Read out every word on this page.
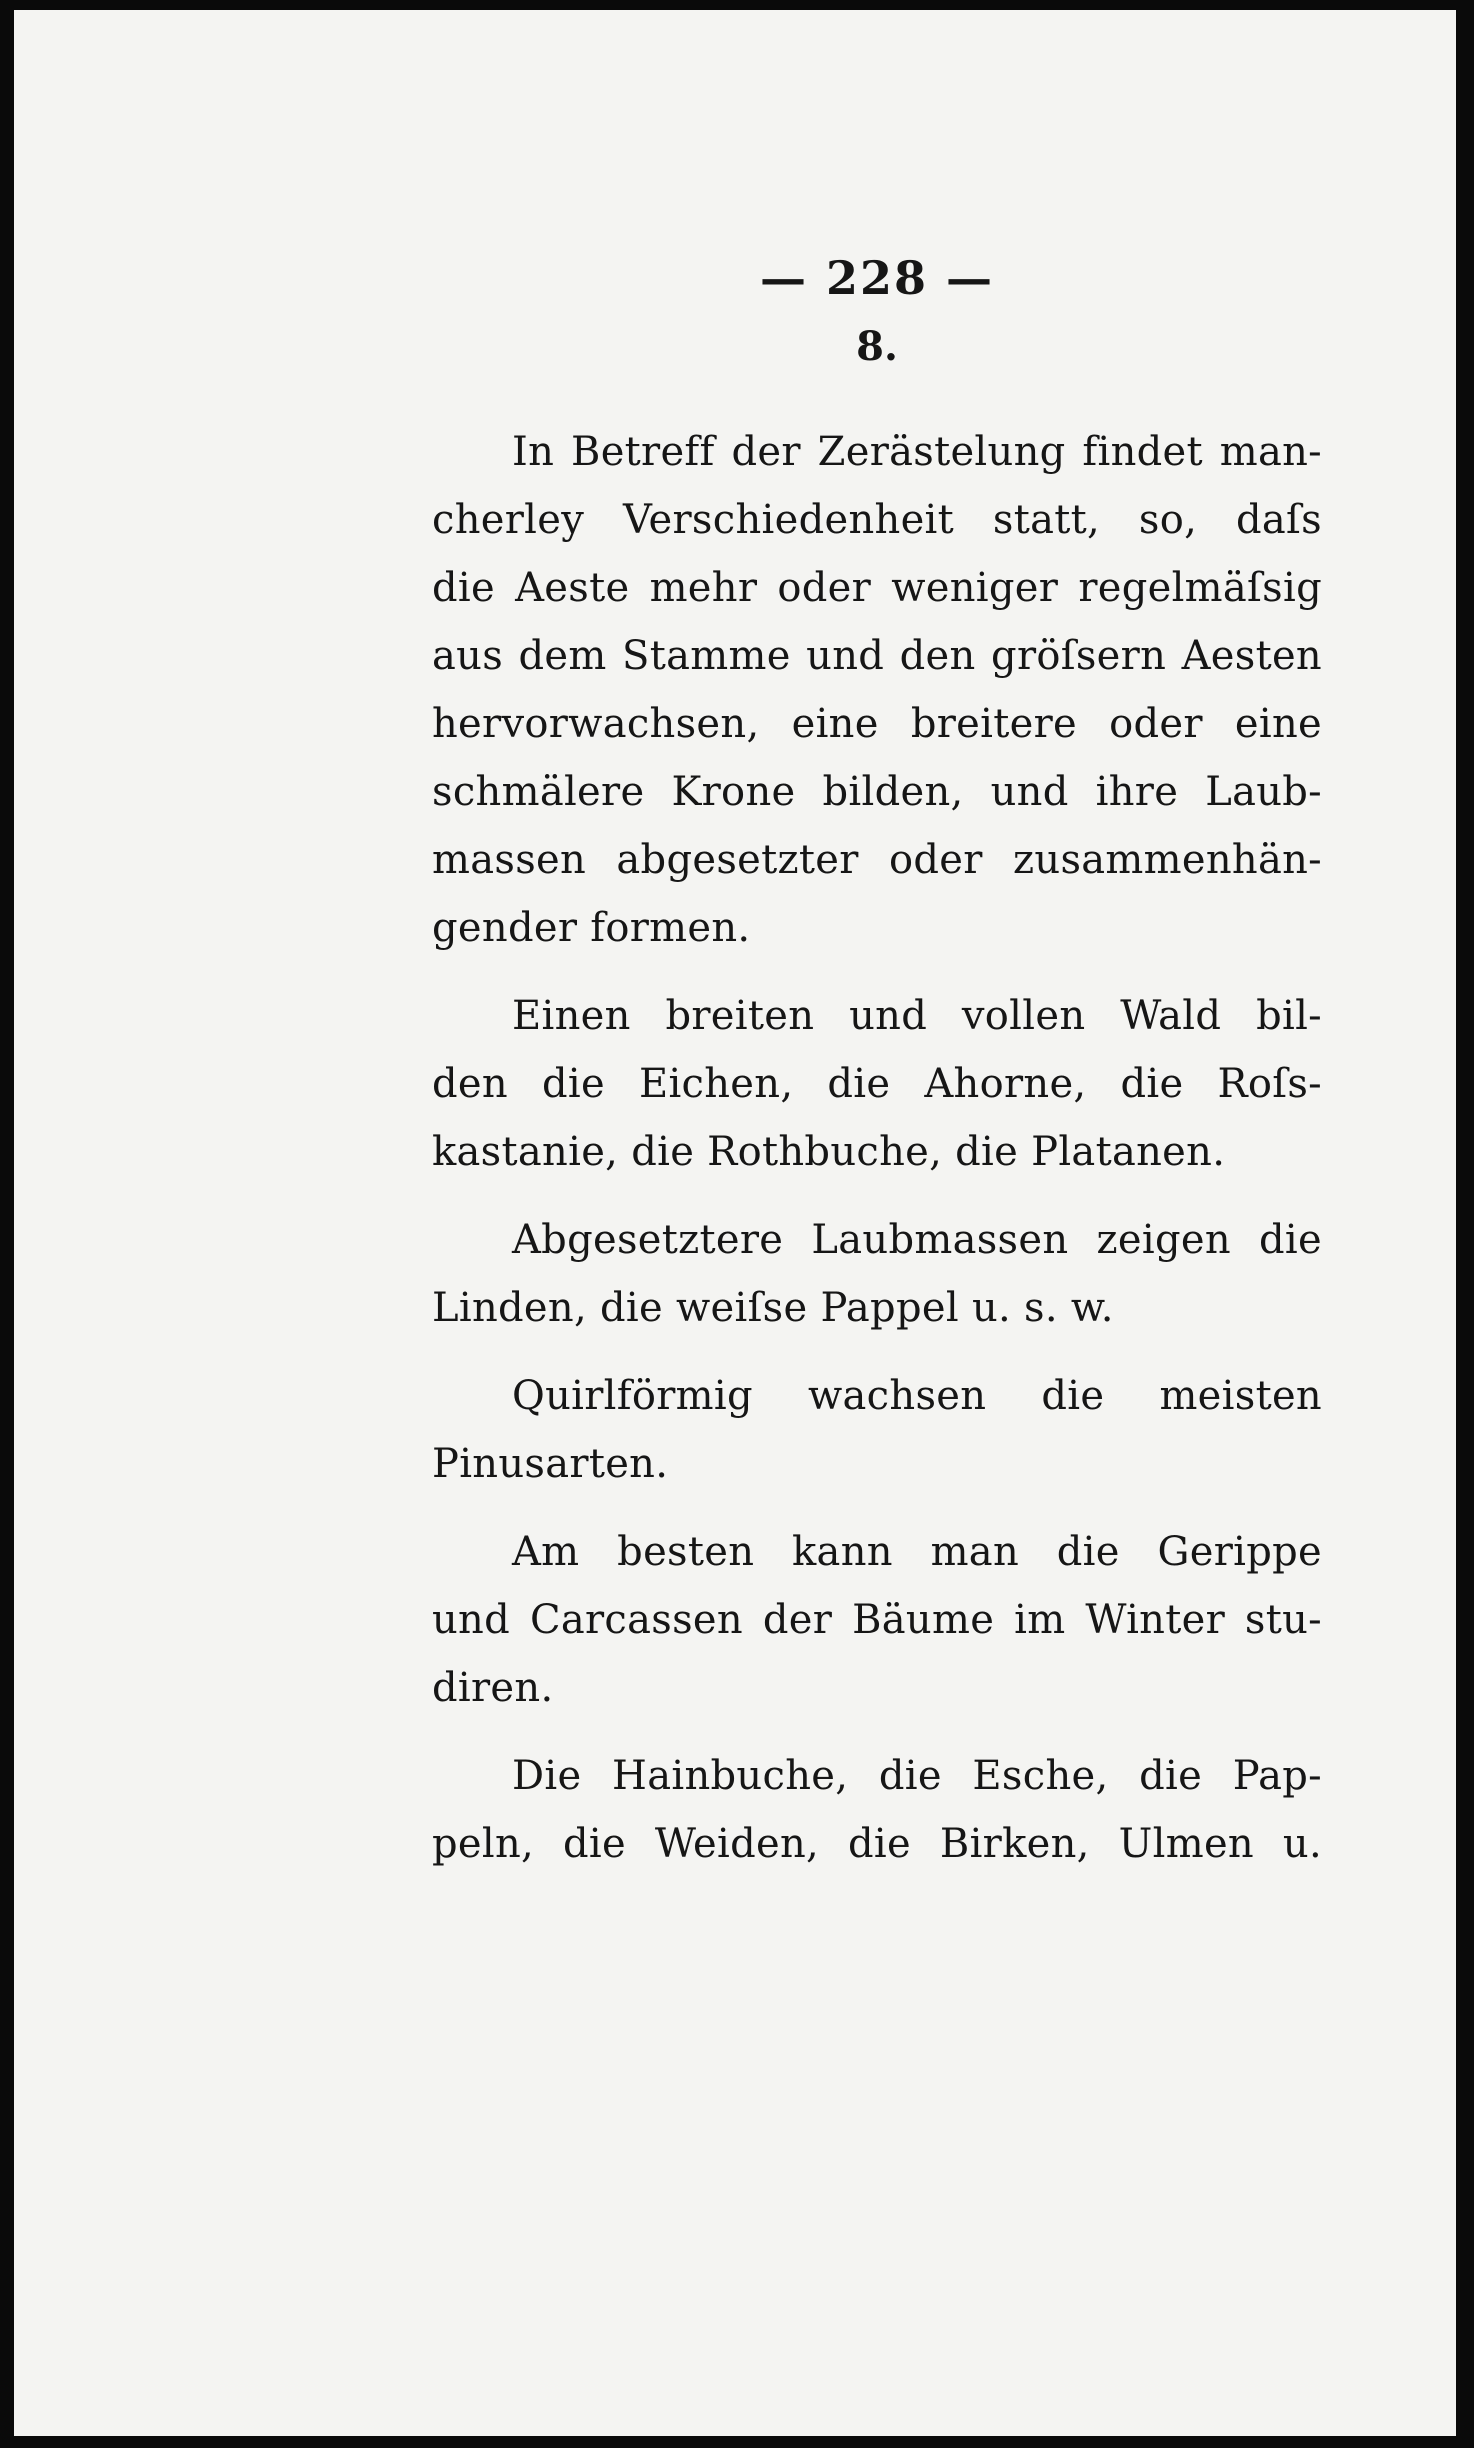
— 228 —
8.
In Betreff der Zerästelung findet man-
cherley Verschiedenheit statt, so, daſs
die Aeste mehr oder weniger regelmäſsig
aus dem Stamme und den gröſsern Aesten
hervorwachsen, eine breitere oder eine
schmälere Krone bilden, und ihre Laub-
massen abgesetzter oder zusammenhän-
gender formen.
Einen breiten und vollen Wald bil-
den die Eichen, die Ahorne, die Roſs-
kastanie, die Rothbuche, die Platanen.
Abgesetztere Laubmassen zeigen die
Linden, die weiſse Pappel u. s. w.
Quirlförmig wachsen die meisten
Pinusarten.
Am besten kann man die Gerippe
und Carcassen der Bäume im Winter stu-
diren.
Die Hainbuche, die Esche, die Pap-
peln, die Weiden, die Birken, Ulmen u.
